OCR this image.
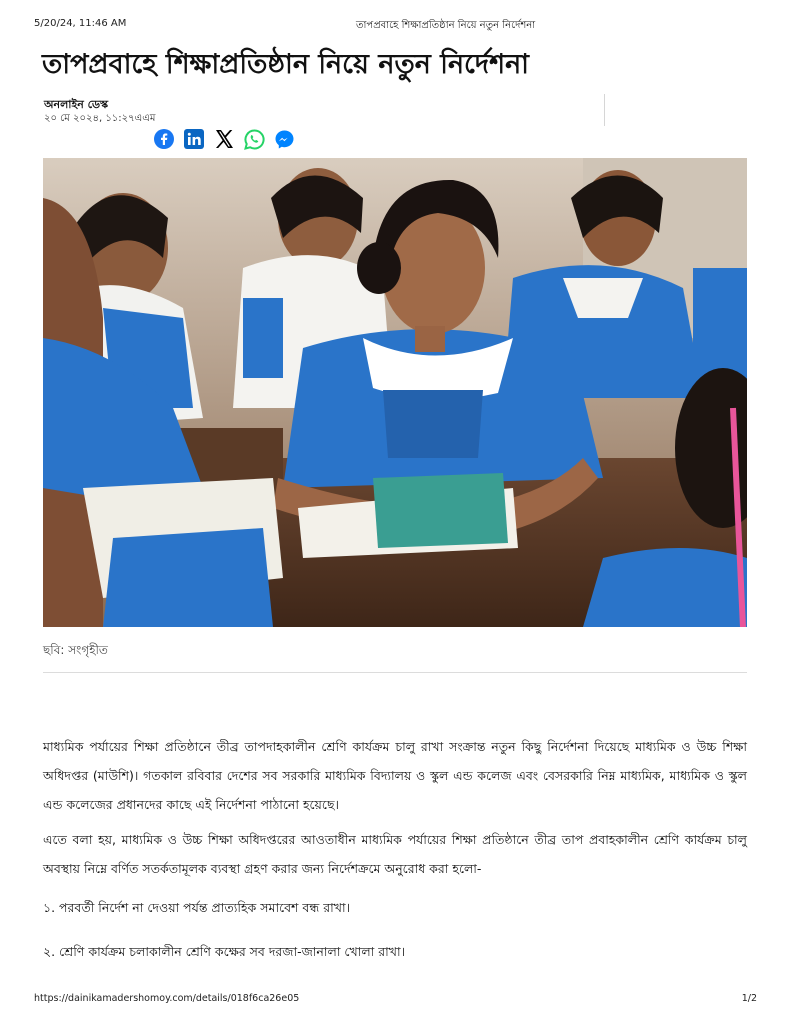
5/20/24, 11:46 AM	তাপপ্রবাহে শিক্ষাপ্রতিষ্ঠান নিয়ে নতুন নির্দেশনা
তাপপ্রবাহে শিক্ষাপ্রতিষ্ঠান নিয়ে নতুন নির্দেশনা
অনলাইন ডেস্ক
২০ মে ২০২৪, ১১:২৭এএম
ছবি: সংগৃহীত

মাধ্যমিক পর্যায়ের শিক্ষা প্রতিষ্ঠানে তীব্র তাপদাহকালীন শ্রেণি কার্যক্রম চালু রাখা সংক্রান্ত নতুন কিছু নির্দেশনা দিয়েছে মাধ্যমিক ও উচ্চ শিক্ষা অধিদপ্তর (মাউশি)। গতকাল রবিবার দেশের সব সরকারি মাধ্যমিক বিদ্যালয় ও স্কুল এন্ড কলেজ এবং বেসরকারি নিম্ন মাধ্যমিক, মাধ্যমিক ও স্কুল এন্ড কলেজের প্রধানদের কাছে এই নির্দেশনা পাঠানো হয়েছে।

এতে বলা হয়, মাধ্যমিক ও উচ্চ শিক্ষা অধিদপ্তরের আওতাধীন মাধ্যমিক পর্যায়ের শিক্ষা প্রতিষ্ঠানে তীব্র তাপ প্রবাহকালীন শ্রেণি কার্যক্রম চালু অবস্থায় নিম্নে বর্ণিত সতর্কতামূলক ব্যবস্থা গ্রহণ করার জন্য নির্দেশক্রমে অনুরোধ করা হলো-

১. পরবর্তী নির্দেশ না দেওয়া পর্যন্ত প্রাত্যহিক সমাবেশ বন্ধ রাখা।

২. শ্রেণি কার্যক্রম চলাকালীন শ্রেণি কক্ষের সব দরজা-জানালা খোলা রাখা।

https://dainikamadershomoy.com/details/018f6ca26e05	1/2
